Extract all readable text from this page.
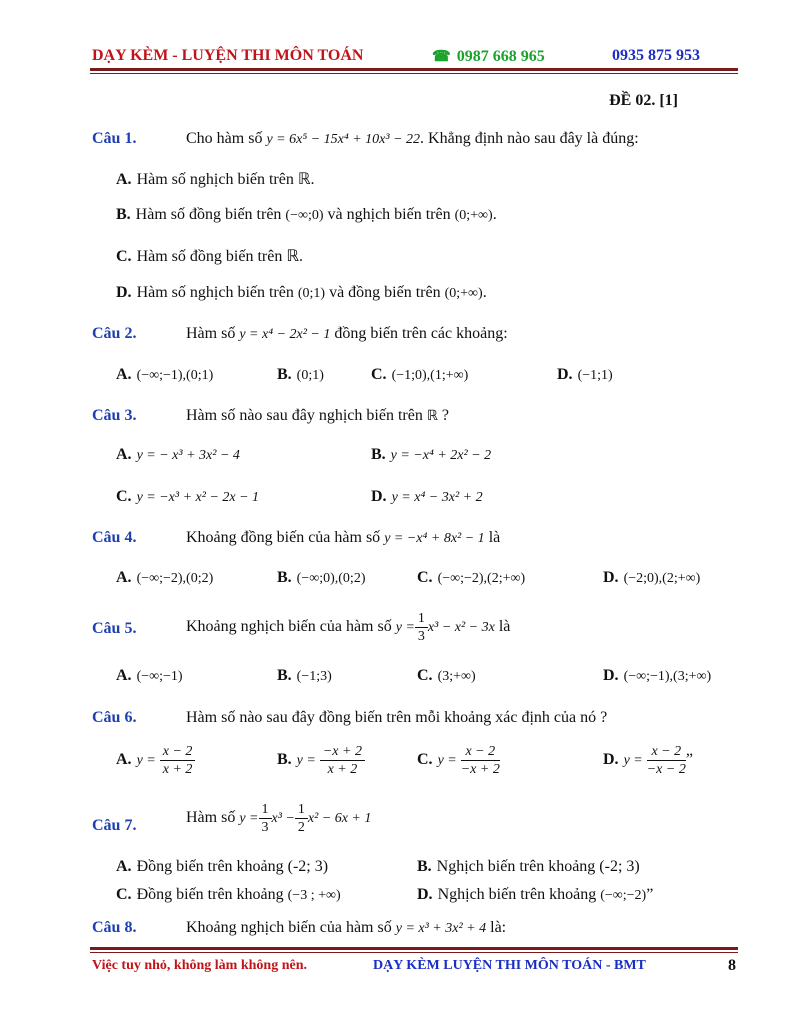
DẠY KÈM - LUYỆN THI MÔN TOÁN	☎ 0987 668 965	0935 875 953
ĐỀ 02. [1]
Câu 1.	Cho hàm số y = 6x⁵ − 15x⁴ + 10x³ − 22. Khẳng định nào sau đây là đúng:
A. Hàm số nghịch biến trên ℝ.
B. Hàm số đồng biến trên (−∞;0) và nghịch biến trên (0;+∞).
C. Hàm số đồng biến trên ℝ.
D. Hàm số nghịch biến trên (0;1) và đồng biến trên (0;+∞).
Câu 2.	Hàm số y = x⁴ − 2x² − 1 đồng biến trên các khoảng:
A. (−∞;−1),(0;1)	B. (0;1)	C. (−1;0),(1;+∞)	D. (−1;1)
Câu 3.	Hàm số nào sau đây nghịch biến trên ℝ ?
A. y = − x³ + 3x² − 4	B. y = −x⁴ + 2x² − 2
C. y = −x³ + x² − 2x − 1	D. y = x⁴ − 3x² + 2
Câu 4.	Khoảng đồng biến của hàm số y = −x⁴ + 8x² − 1 là
A. (−∞;−2),(0;2)	B. (−∞;0),(0;2)	C. (−∞;−2),(2;+∞)	D. (−2;0),(2;+∞)
Câu 5.	Khoảng nghịch biến của hàm số $y = \frac{1}{3} x^3 - x^2 - 3x$ là
A. (−∞;−1)	B. (−1;3)	C. (3;+∞)	D. (−∞;−1),(3;+∞)
Câu 6.	Hàm số nào sau đây đồng biến trên mỗi khoảng xác định của nó ?
A. $y = \frac{x - 2}{x + 2}$	B. $y = \frac{-x + 2}{x + 2}$	C. $y = \frac{x - 2}{-x + 2}$	D. $y = \frac{x - 2}{-x - 2}$ ”
Câu 7.	Hàm số $y = \frac{1}{3} x^3 - \frac{1}{2} x^2 - 6x + 1$
A. Đồng biến trên khoảng (-2; 3)	B. Nghịch biến trên khoảng (-2; 3)
C. Đồng biến trên khoảng (−3 ; +∞)	D. Nghịch biến trên khoảng (−∞;−2)”
Câu 8.	Khoảng nghịch biến của hàm số y = x³ + 3x² + 4 là:
Việc tuy nhỏ, không làm không nên.	DẠY KÈM LUYỆN THI MÔN TOÁN - BMT	8
